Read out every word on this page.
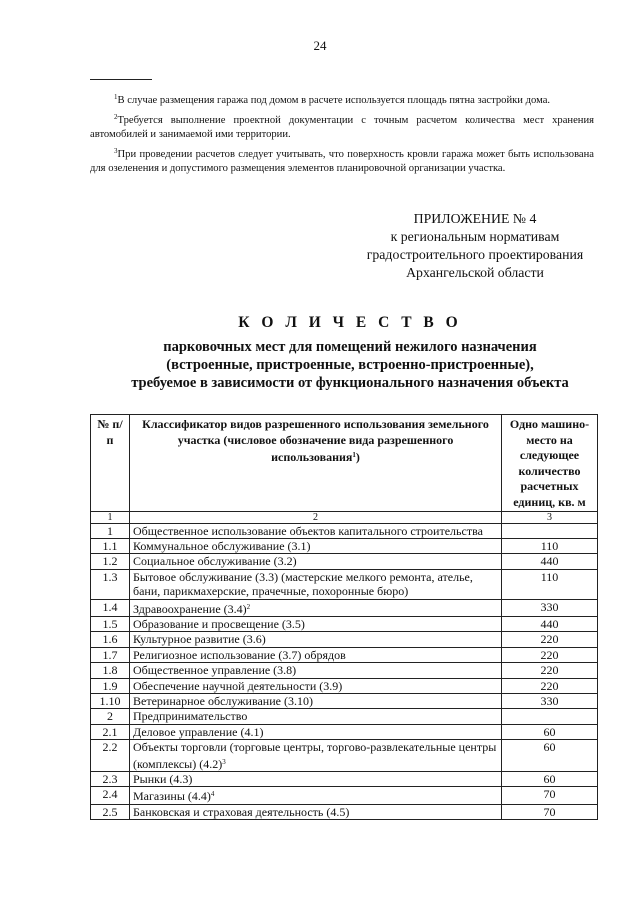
24

$^1$В случае размещения гаража под домом в расчете используется площадь пятна застройки дома.

$^2$Требуется выполнение проектной документации с точным расчетом количества мест хранения автомобилей и занимаемой ими территории.

$^3$При проведении расчетов следует учитывать, что поверхность кровли гаража может быть использована для озеленения и допустимого размещения элементов планировочной организации участка.

ПРИЛОЖЕНИЕ № 4
к региональным нормативам
градостроительного проектирования
Архангельской области
К О Л И Ч Е С Т В О
парковочных мест для помещений нежилого назначения
(встроенные, пристроенные, встроенно-пристроенные),
требуемое в зависимости от функционального назначения объекта
№ п/п	Классификатор видов разрешенного использования земельного участка (числовое обозначение вида разрешенного использования$^1$)	Одно машино-место на следующее количество расчетных единиц, кв. м
1	2	3
1	Общественное использование объектов капитального строительства	
1.1	Коммунальное обслуживание (3.1)	110
1.2	Социальное обслуживание (3.2)	440
1.3	Бытовое обслуживание (3.3) (мастерские мелкого ремонта, ателье, бани, парикмахерские, прачечные, похоронные бюро)	110
1.4	Здравоохранение $(3.4)^2$	330
1.5	Образование и просвещение (3.5)	440
1.6	Культурное развитие (3.6)	220
1.7	Религиозное использование (3.7) обрядов	220
1.8	Общественное управление (3.8)	220
1.9	Обеспечение научной деятельности (3.9)	220
1.10	Ветеринарное обслуживание (3.10)	330
2	Предпринимательство	
2.1	Деловое управление (4.1)	60
2.2	Объекты торговли (торговые центры, торгово-развлекательные центры (комплексы) $(4.2)^3$	60
2.3	Рынки (4.3)	60
2.4	Магазины $(4.4)^4$	70
2.5	Банковская и страховая деятельность (4.5)	70
